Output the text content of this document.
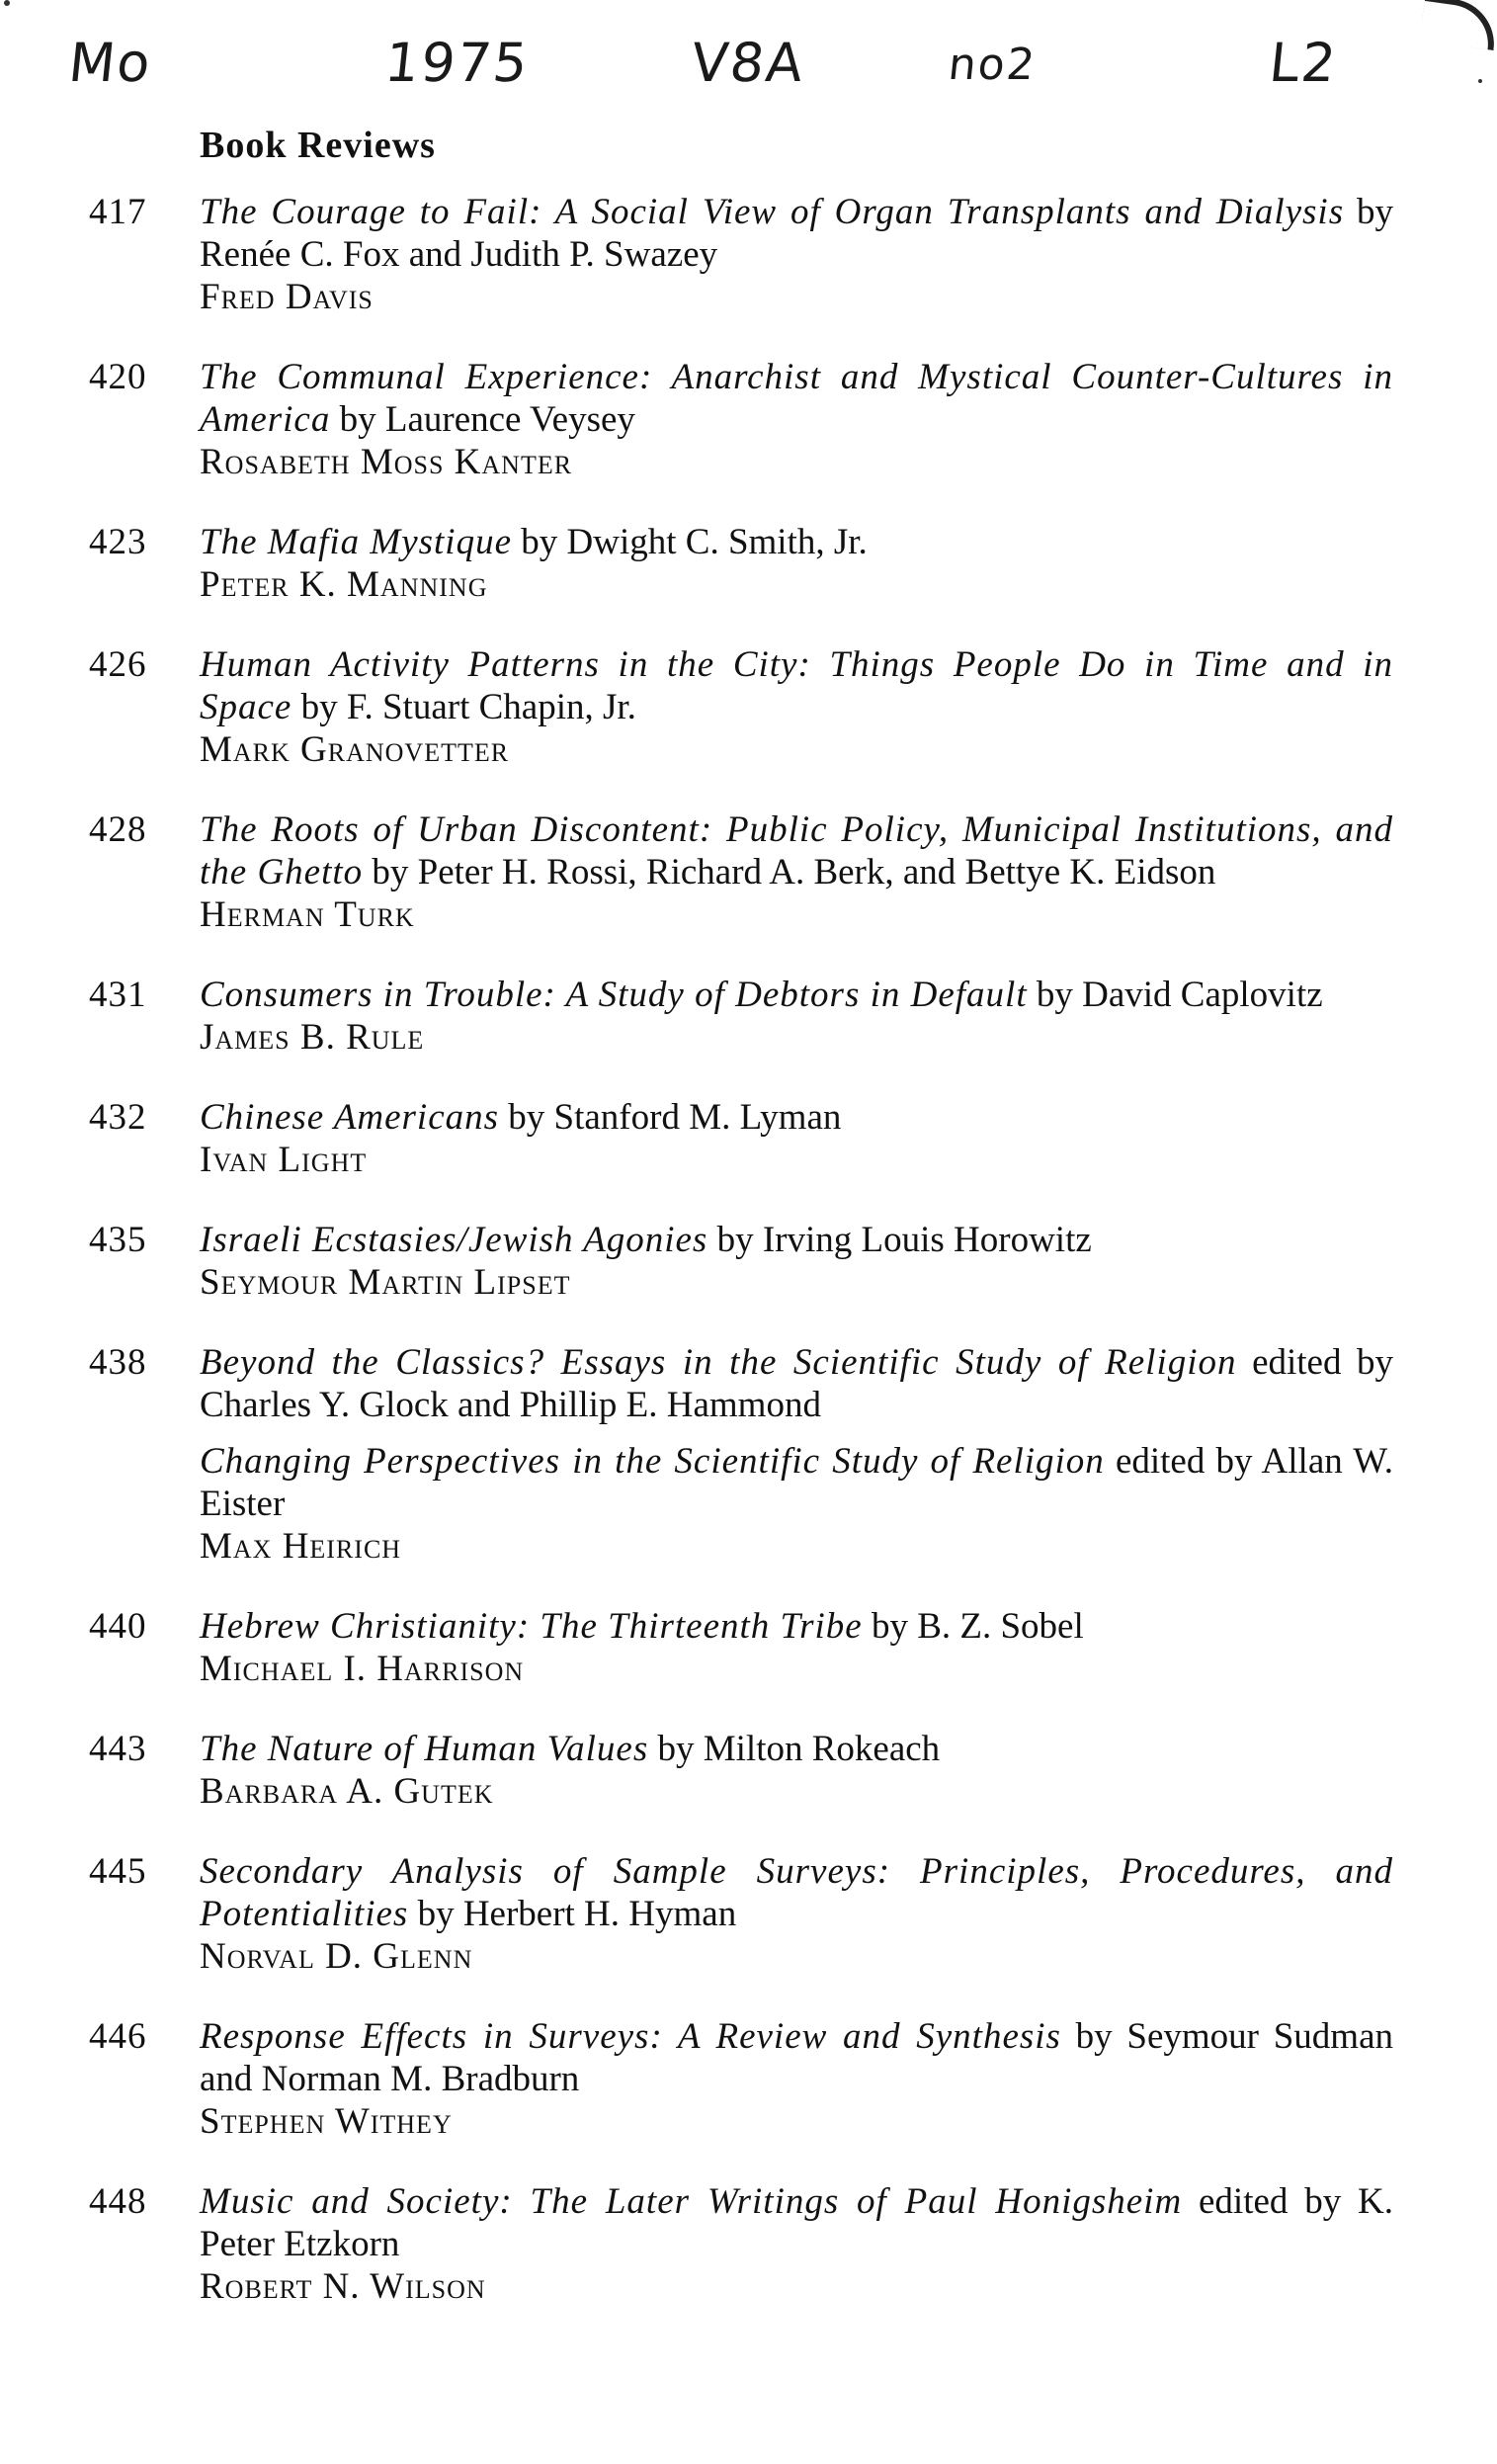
Mo	1975	V8A	no2	L2
Book Reviews
417	The Courage to Fail: A Social View of Organ Transplants and Dialysis by Renée C. Fox and Judith P. Swazey
Fred Davis
420	The Communal Experience: Anarchist and Mystical Counter-Cultures in America by Laurence Veysey
Rosabeth Moss Kanter
423	The Mafia Mystique by Dwight C. Smith, Jr.
Peter K. Manning
426	Human Activity Patterns in the City: Things People Do in Time and in Space by F. Stuart Chapin, Jr.
Mark Granovetter
428	The Roots of Urban Discontent: Public Policy, Municipal Institutions, and the Ghetto by Peter H. Rossi, Richard A. Berk, and Bettye K. Eidson
Herman Turk
431	Consumers in Trouble: A Study of Debtors in Default by David Caplovitz
James B. Rule
432	Chinese Americans by Stanford M. Lyman
Ivan Light
435	Israeli Ecstasies/Jewish Agonies by Irving Louis Horowitz
Seymour Martin Lipset
438	Beyond the Classics? Essays in the Scientific Study of Religion edited by Charles Y. Glock and Phillip E. Hammond
Changing Perspectives in the Scientific Study of Religion edited by Allan W. Eister
Max Heirich
440	Hebrew Christianity: The Thirteenth Tribe by B. Z. Sobel
Michael I. Harrison
443	The Nature of Human Values by Milton Rokeach
Barbara A. Gutek
445	Secondary Analysis of Sample Surveys: Principles, Procedures, and Potentialities by Herbert H. Hyman
Norval D. Glenn
446	Response Effects in Surveys: A Review and Synthesis by Seymour Sudman and Norman M. Bradburn
Stephen Withey
448	Music and Society: The Later Writings of Paul Honigsheim edited by K. Peter Etzkorn
Robert N. Wilson
